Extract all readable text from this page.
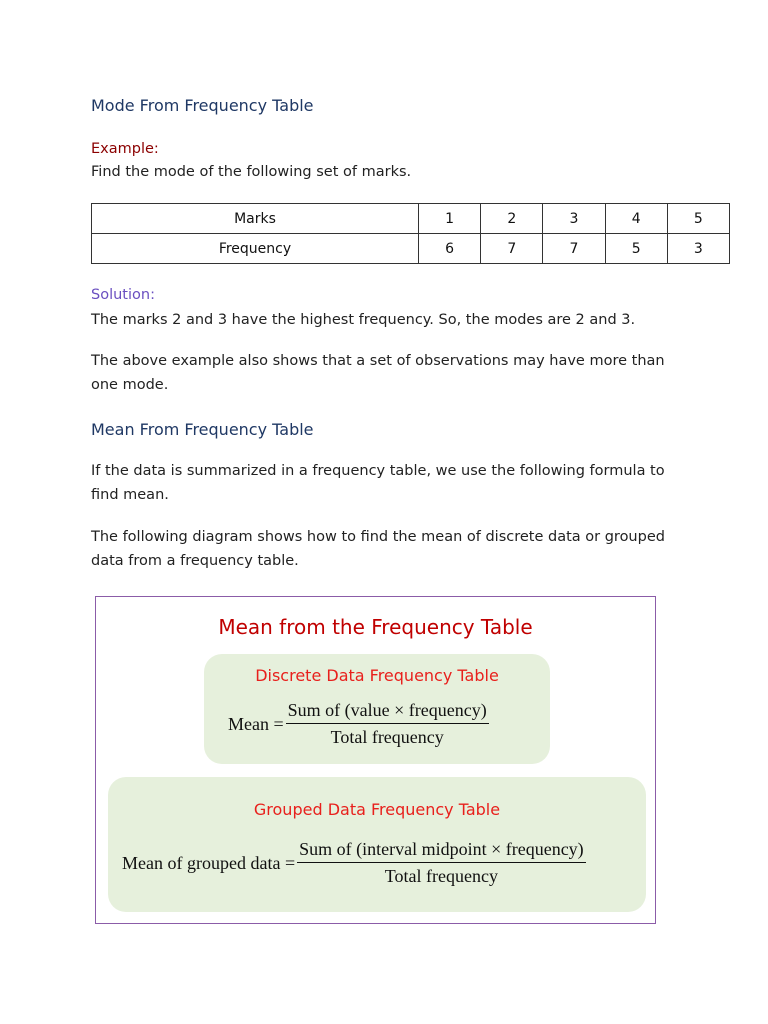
Mode From Frequency Table

Example:

Find the mode of the following set of marks.

Marks	1	2	3	4	5
Frequency	6	7	7	5	3

Solution:

The marks 2 and 3 have the highest frequency. So, the modes are 2 and 3.

The above example also shows that a set of observations may have more than one mode.

Mean From Frequency Table

If the data is summarized in a frequency table, we use the following formula to find mean.

The following diagram shows how to find the mean of discrete data or grouped data from a frequency table.

Mean from the Frequency Table
Discrete Data Frequency Table
Mean = $\frac{\text{Sum of (value × frequency)}}{\text{Total frequency}}$
Grouped Data Frequency Table
Mean of grouped data = $\frac{\text{Sum of (interval midpoint × frequency)}}{\text{Total frequency}}$
